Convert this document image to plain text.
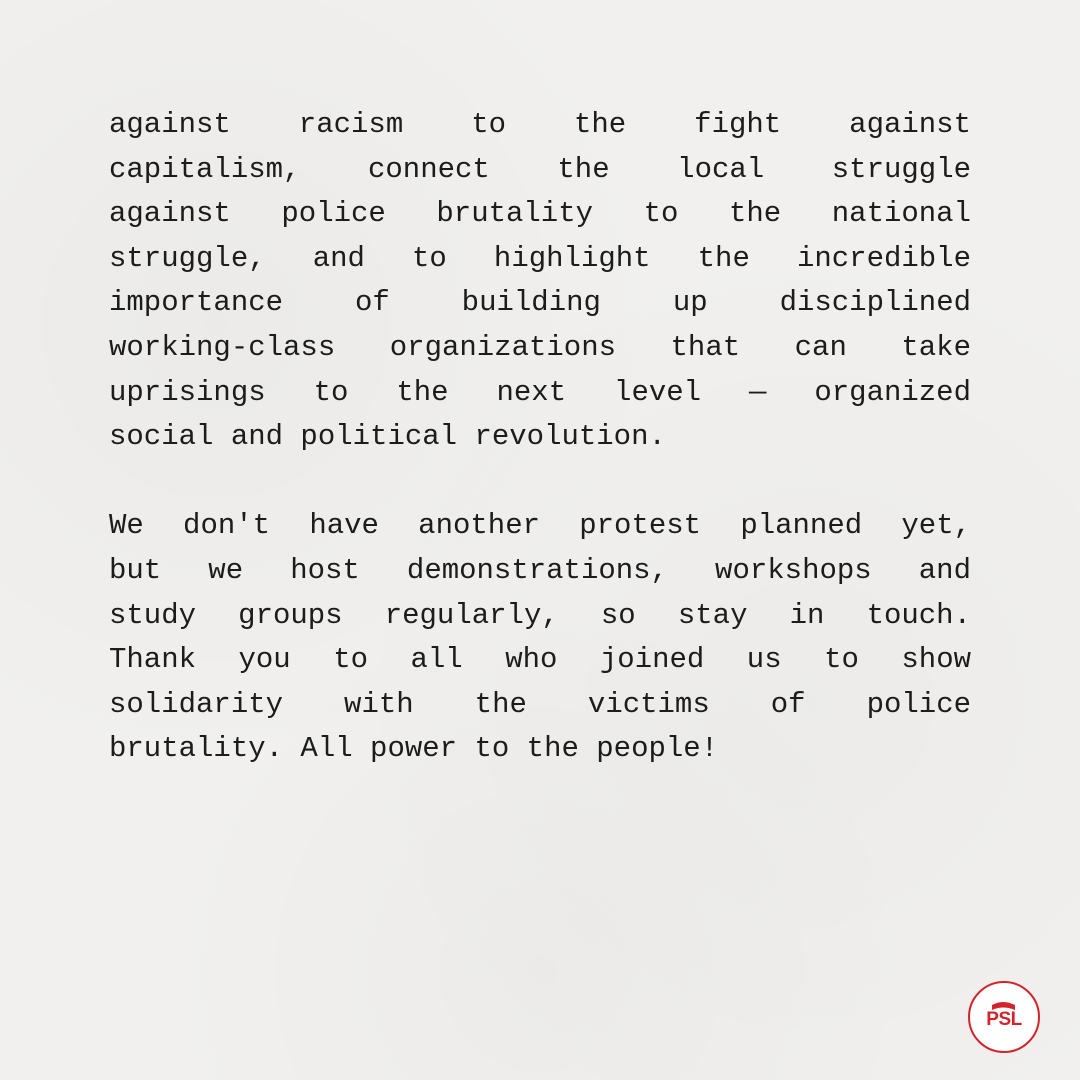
against racism to the fight against
capitalism, connect the local struggle
against police brutality to the national
struggle, and to highlight the incredible
importance of building up disciplined
working-class organizations that can take
uprisings to the next level — organized
social and political revolution.

We don't have another protest planned yet,
but we host demonstrations, workshops and
study groups regularly, so stay in touch.
Thank you to all who joined us to show
solidarity with the victims of police
brutality. All power to the people!

PSL
